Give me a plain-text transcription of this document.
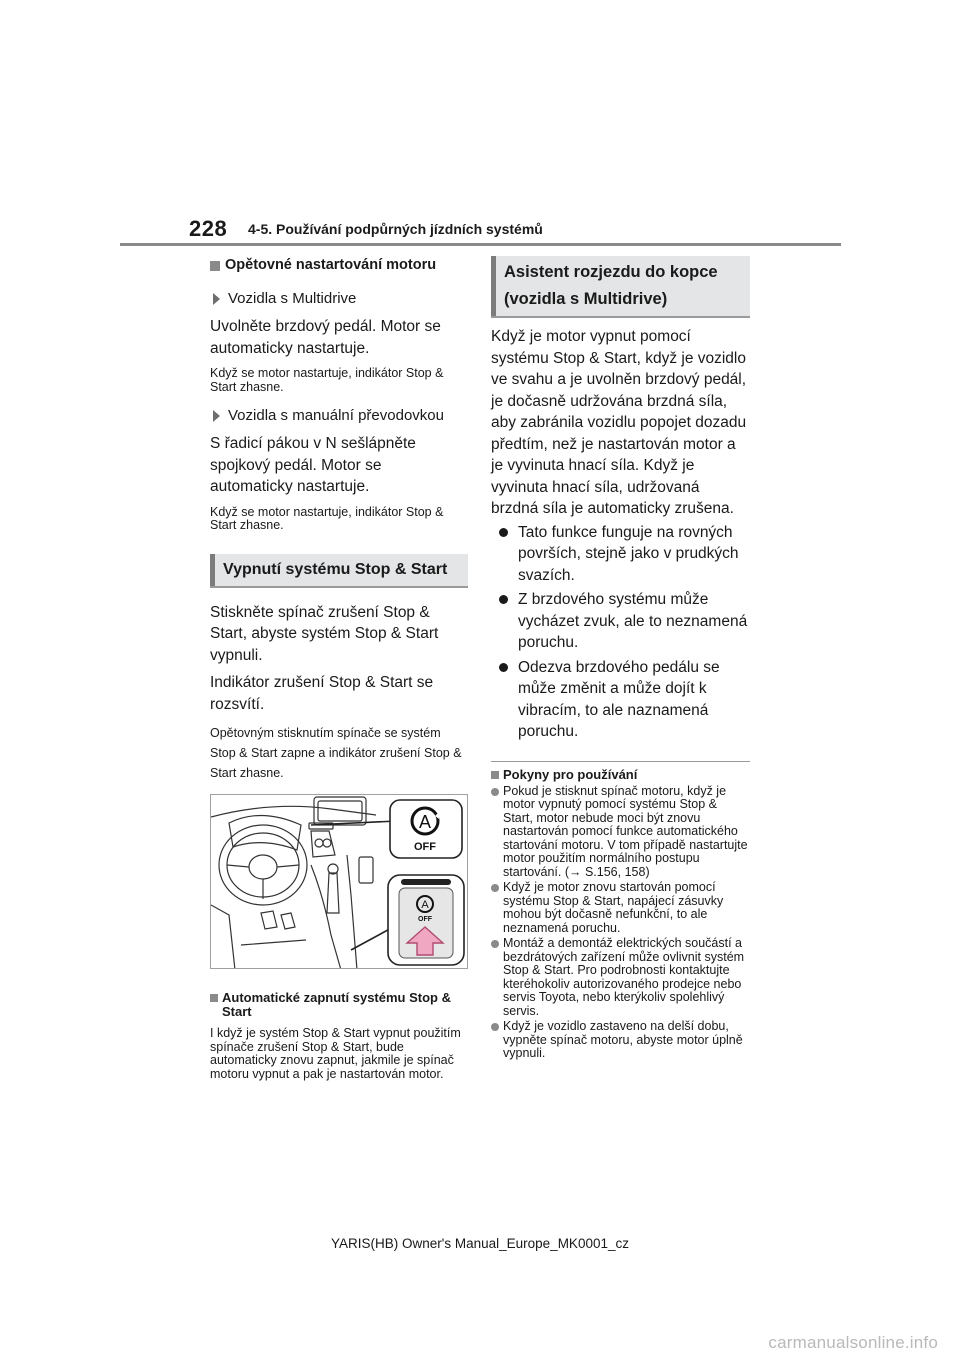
228 4-5. Používání podpůrných jízdních systémů
Opětovné nastartování motoru
Vozidla s Multidrive

Uvolněte brzdový pedál. Motor se automaticky nastartuje.

Když se motor nastartuje, indikátor Stop & Start zhasne.

Vozidla s manuální převodovkou

S řadicí pákou v N sešlápněte spojkový pedál. Motor se automaticky nastartuje.

Když se motor nastartuje, indikátor Stop & Start zhasne.

Vypnutí systému Stop & Start

Stiskněte spínač zrušení Stop & Start, abyste systém Stop & Start vypnuli.

Indikátor zrušení Stop & Start se rozsvítí.

Opětovným stisknutím spínače se systém Stop & Start zapne a indikátor zrušení Stop & Start zhasne.

A
OFF
A
OFF
Automatické zapnutí systému Stop & Start

I když je systém Stop & Start vypnut použitím spínače zrušení Stop & Start, bude automaticky znovu zapnut, jakmile je spínač motoru vypnut a pak je nastartován motor.

Asistent rozjezdu do kopce (vozidla s Multidrive)

Když je motor vypnut pomocí systému Stop & Start, když je vozidlo ve svahu a je uvolněn brzdový pedál, je dočasně udržována brzdná síla, aby zabránila vozidlu popojet dozadu předtím, než je nastartován motor a je vyvinuta hnací síla. Když je vyvinuta hnací síla, udržovaná brzdná síla je automaticky zrušena.

Tato funkce funguje na rovných površích, stejně jako v prudkých svazích.
Z brzdového systému může vycházet zvuk, ale to neznamená poruchu.
Odezva brzdového pedálu se může změnit a může dojít k vibracím, to ale naznamená poruchu.
Pokyny pro používání
Pokud je stisknut spínač motoru, když je motor vypnutý pomocí systému Stop & Start, motor nebude moci být znovu nastartován pomocí funkce automatického startování motoru. V tom případě nastartujte motor použitím normálního postupu startování. (→ S.156, 158)
Když je motor znovu startován pomocí systému Stop & Start, napájecí zásuvky mohou být dočasně nefunkční, to ale neznamená poruchu.
Montáž a demontáž elektrických součástí a bezdrátových zařízení může ovlivnit systém Stop & Start. Pro podrobnosti kontaktujte kteréhokoliv autorizovaného prodejce nebo servis Toyota, nebo kterýkoliv spolehlivý servis.
Když je vozidlo zastaveno na delší dobu, vypněte spínač motoru, abyste motor úplně vypnuli.
YARIS(HB) Owner's Manual_Europe_MK0001_cz
carmanualsonline.info
